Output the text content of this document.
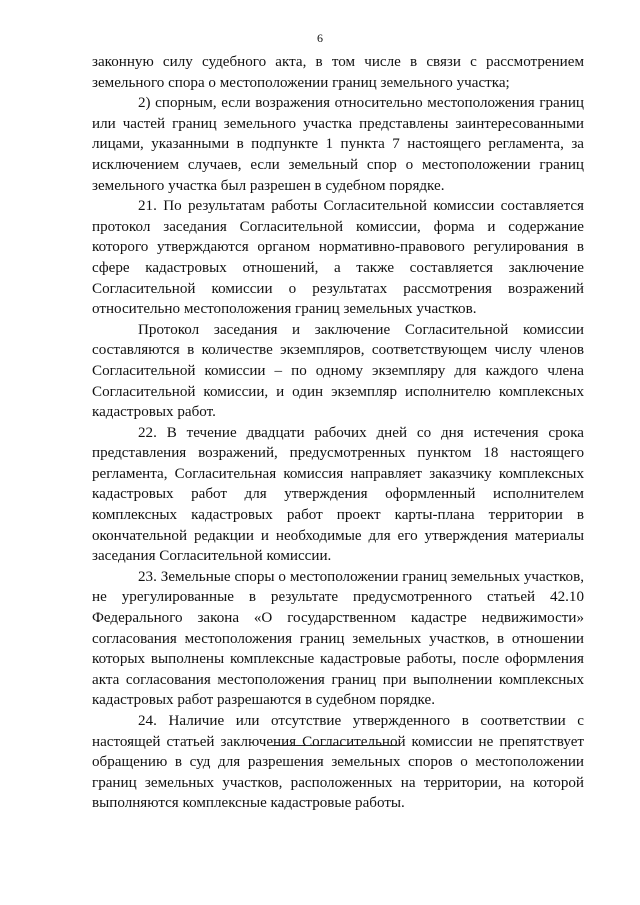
6

законную силу судебного акта, в том числе в связи с рассмотрением земельного спора о местоположении границ земельного участка;

2) спорным, если возражения относительно местоположения границ или частей границ земельного участка представлены заинтересованными лицами, указанными в подпункте 1 пункта 7 настоящего регламента, за исключением случаев, если земельный спор о местоположении границ земельного участка был разрешен в судебном порядке.

21. По результатам работы Согласительной комиссии составляется протокол заседания Согласительной комиссии, форма и содержание которого утверждаются органом нормативно-правового регулирования в сфере кадастровых отношений, а также составляется заключение Согласительной комиссии о результатах рассмотрения возражений относительно местоположения границ земельных участков.

Протокол заседания и заключение Согласительной комиссии составляются в количестве экземпляров, соответствующем числу членов Согласительной комиссии – по одному экземпляру для каждого члена Согласительной комиссии, и один экземпляр исполнителю комплексных кадастровых работ.

22. В течение двадцати рабочих дней со дня истечения срока представления возражений, предусмотренных пунктом 18 настоящего регламента, Согласительная комиссия направляет заказчику комплексных кадастровых работ для утверждения оформленный исполнителем комплексных кадастровых работ проект карты-плана территории в окончательной редакции и необходимые для его утверждения материалы заседания Согласительной комиссии.

23. Земельные споры о местоположении границ земельных участков, не урегулированные в результате предусмотренного статьей 42.10 Федерального закона «О государственном кадастре недвижимости» согласования местоположения границ земельных участков, в отношении которых выполнены комплексные кадастровые работы, после оформления акта согласования местоположения границ при выполнении комплексных кадастровых работ разрешаются в судебном порядке.

24. Наличие или отсутствие утвержденного в соответствии с настоящей статьей заключения Согласительной комиссии не препятствует обращению в суд для разрешения земельных споров о местоположении границ земельных участков, расположенных на территории, на которой выполняются комплексные кадастровые работы.
